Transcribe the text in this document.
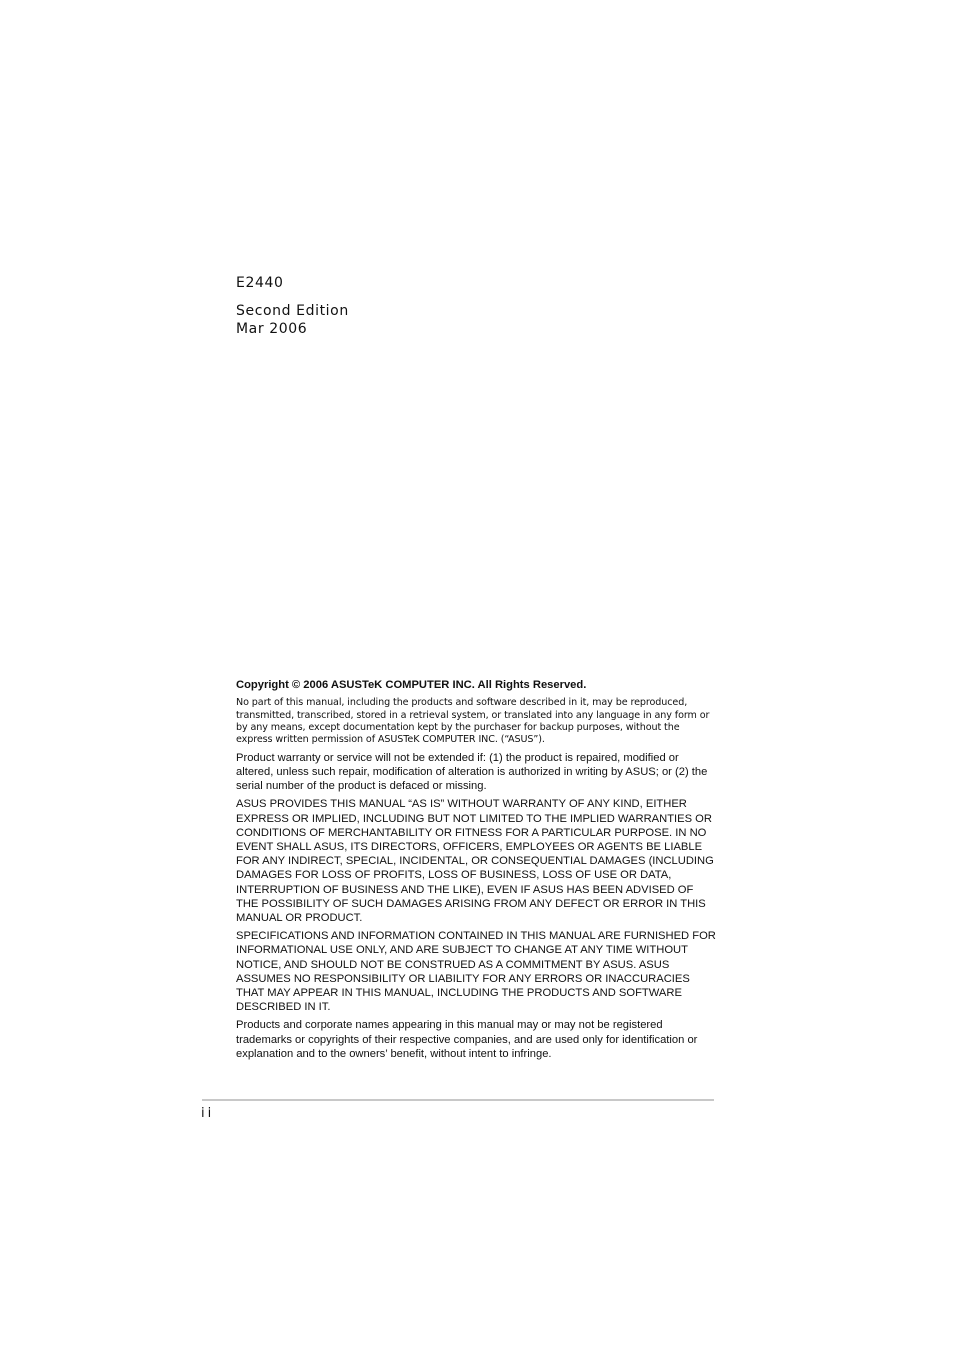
E2440
Second Edition
Mar 2006

Copyright © 2006 ASUSTeK COMPUTER INC. All Rights Reserved.

No part of this manual, including the products and software described in it, may be reproduced, transmitted, transcribed, stored in a retrieval system, or translated into any language in any form or by any means, except documentation kept by the purchaser for backup purposes, without the express written permission of ASUSTeK COMPUTER INC. (“ASUS”).

Product warranty or service will not be extended if: (1) the product is repaired, modified or altered, unless such repair, modification of alteration is authorized in writing by ASUS; or (2) the serial number of the product is defaced or missing.

ASUS PROVIDES THIS MANUAL “AS IS” WITHOUT WARRANTY OF ANY KIND, EITHER EXPRESS OR IMPLIED, INCLUDING BUT NOT LIMITED TO THE IMPLIED WARRANTIES OR CONDITIONS OF MERCHANTABILITY OR FITNESS FOR A PARTICULAR PURPOSE. IN NO EVENT SHALL ASUS, ITS DIRECTORS, OFFICERS, EMPLOYEES OR AGENTS BE LIABLE FOR ANY INDIRECT, SPECIAL, INCIDENTAL, OR CONSEQUENTIAL DAMAGES (INCLUDING DAMAGES FOR LOSS OF PROFITS, LOSS OF BUSINESS, LOSS OF USE OR DATA, INTERRUPTION OF BUSINESS AND THE LIKE), EVEN IF ASUS HAS BEEN ADVISED OF THE POSSIBILITY OF SUCH DAMAGES ARISING FROM ANY DEFECT OR ERROR IN THIS MANUAL OR PRODUCT.

SPECIFICATIONS AND INFORMATION CONTAINED IN THIS MANUAL ARE FURNISHED FOR INFORMATIONAL USE ONLY, AND ARE SUBJECT TO CHANGE AT ANY TIME WITHOUT NOTICE, AND SHOULD NOT BE CONSTRUED AS A COMMITMENT BY ASUS. ASUS ASSUMES NO RESPONSIBILITY OR LIABILITY FOR ANY ERRORS OR INACCURACIES THAT MAY APPEAR IN THIS MANUAL, INCLUDING THE PRODUCTS AND SOFTWARE DESCRIBED IN IT.

Products and corporate names appearing in this manual may or may not be registered trademarks or copyrights of their respective companies, and are used only for identification or explanation and to the owners’ benefit, without intent to infringe.

ii
